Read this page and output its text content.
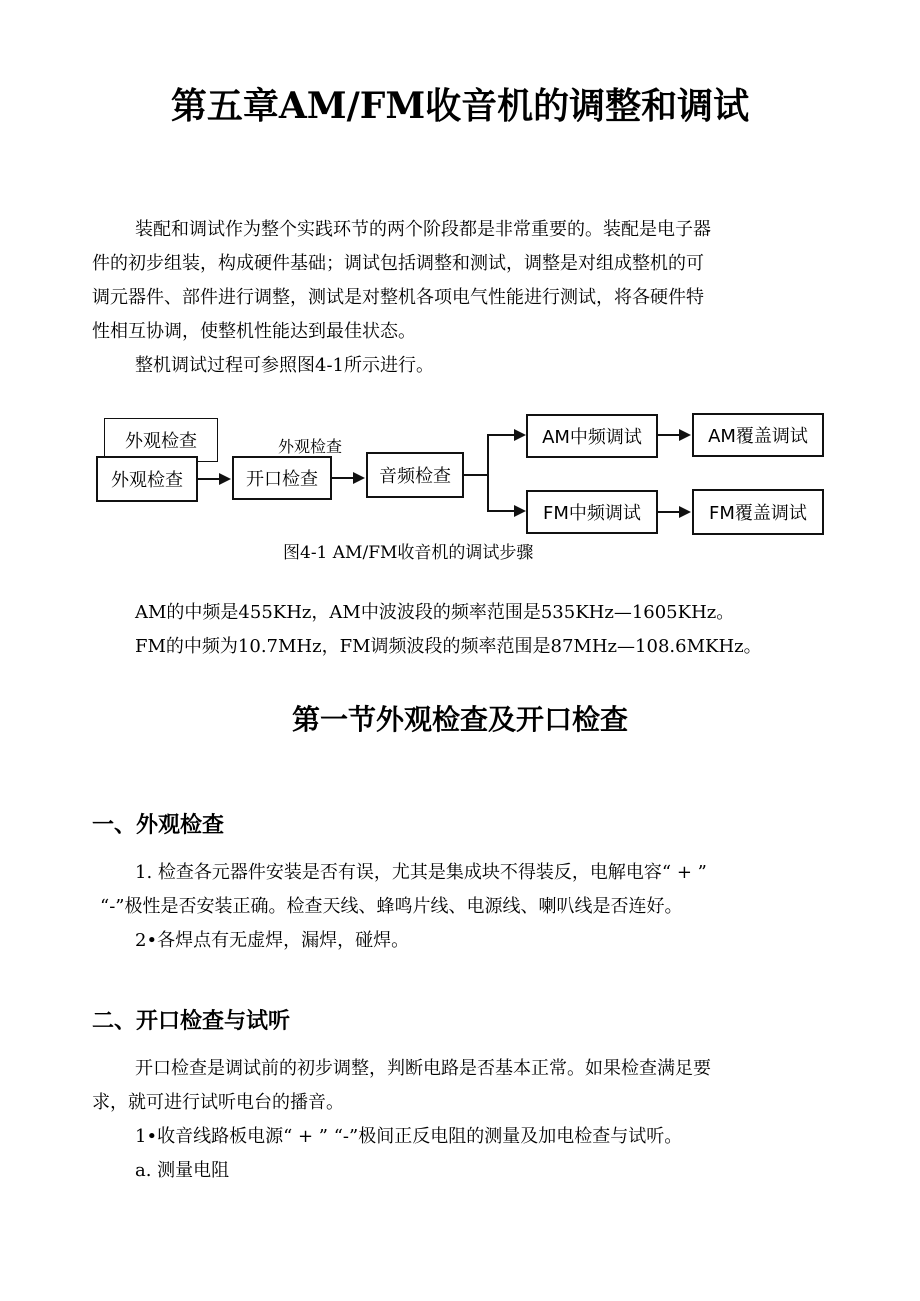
第五章AM/FM收音机的调整和调试
装配和调试作为整个实践环节的两个阶段都是非常重要的。装配是电子器
件的初步组装，构成硬件基础；调试包括调整和测试，调整是对组成整机的可
调元器件、部件进行调整，测试是对整机各项电气性能进行测试，将各硬件特
性相互协调，使整机性能达到最佳状态。
整机调试过程可参照图4-1所示进行。
外观检查
外观检查
外观检查
开口检查	音频检查
AM中频调试	AM覆盖调试
FM中频调试	FM覆盖调试
图4-1 AM/FM收音机的调试步骤
AM的中频是455KHz，AM中波波段的频率范围是535KHz—1605KHz。
FM的中频为10.7MHz，FM调频波段的频率范围是87MHz—108.6MKHz。
第一节外观检查及开口检查
一、外观检查
1. 检查各元器件安装是否有误，尤其是集成块不得装反，电解电容“ + ”
“-”极性是否安装正确。检查天线、蜂鸣片线、电源线、喇叭线是否连好。
2•各焊点有无虚焊，漏焊，碰焊。
二、开口检查与试听
开口检查是调试前的初步调整，判断电路是否基本正常。如果检查满足要
求，就可进行试听电台的播音。
1•收音线路板电源“ + ” “-”极间正反电阻的测量及加电检查与试听。
a. 测量电阻
